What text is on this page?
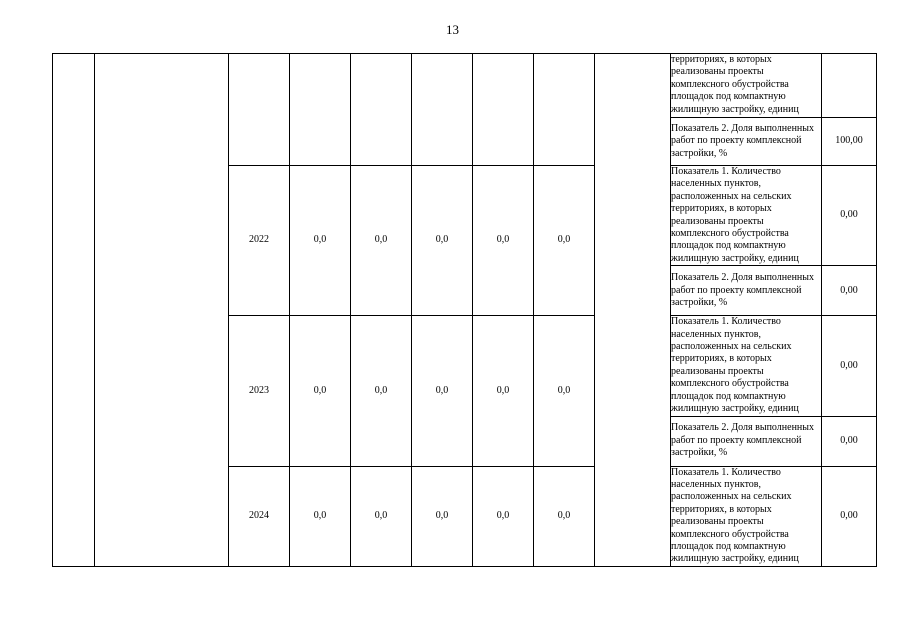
13
									территориях, в которых реализованы проекты комплексного обустройства площадок под компактную жилищную застройку, единиц	
									Показатель 2. Доля выполненных работ по проекту комплексной застройки, %	100,00
		2022	0,0	0,0	0,0	0,0	0,0		Показатель 1. Количество населенных пунктов, расположенных на сельских территориях, в которых реализованы проекты комплексного обустройства площадок под компактную жилищную застройку, единиц	0,00
									Показатель 2. Доля выполненных работ по проекту комплексной застройки, %	0,00
		2023	0,0	0,0	0,0	0,0	0,0		Показатель 1. Количество населенных пунктов, расположенных на сельских территориях, в которых реализованы проекты комплексного обустройства площадок под компактную жилищную застройку, единиц	0,00
									Показатель 2. Доля выполненных работ по проекту комплексной застройки, %	0,00
		2024	0,0	0,0	0,0	0,0	0,0		Показатель 1. Количество населенных пунктов, расположенных на сельских территориях, в которых реализованы проекты комплексного обустройства площадок под компактную жилищную застройку, единиц	0,00
